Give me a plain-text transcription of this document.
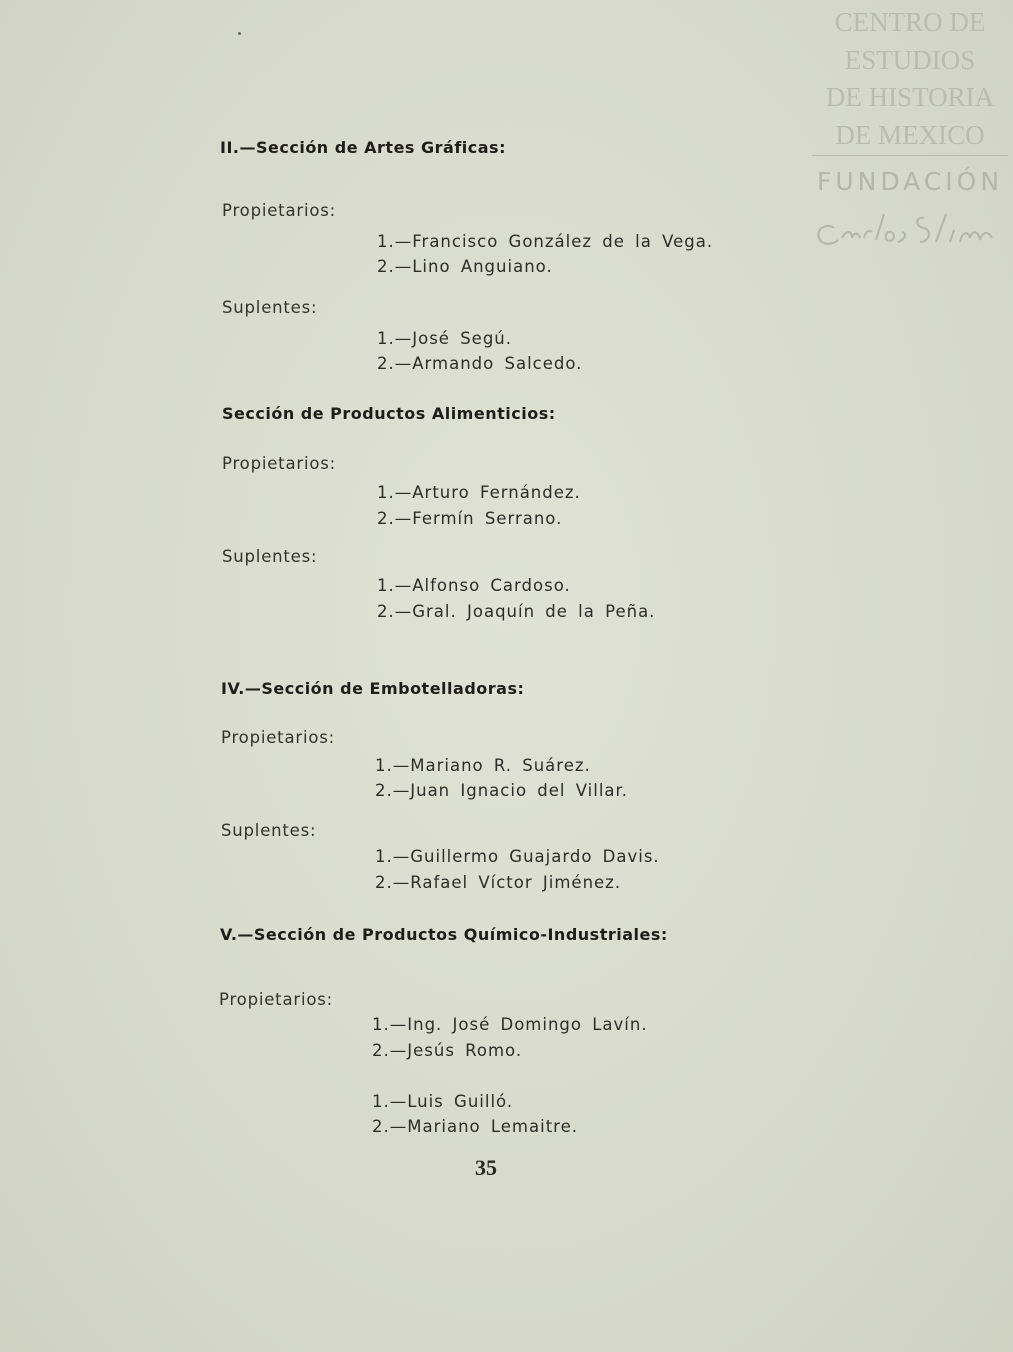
CENTRO DE
ESTUDIOS
DE HISTORIA
DE MEXICO
FUNDACIÓN
II.—Sección de Artes Gráficas:
Propietarios:
1.—Francisco González de la Vega.
2.—Lino Anguiano.
Suplentes:
1.—José Segú.
2.—Armando Salcedo.
Sección de Productos Alimenticios:
Propietarios:
1.—Arturo Fernández.
2.—Fermín Serrano.
Suplentes:
1.—Alfonso Cardoso.
2.—Gral. Joaquín de la Peña.
IV.—Sección de Embotelladoras:
Propietarios:
1.—Mariano R. Suárez.
2.—Juan Ignacio del Villar.
Suplentes:
1.—Guillermo Guajardo Davis.
2.—Rafael Víctor Jiménez.
V.—Sección de Productos Químico-Industriales:
Propietarios:
1.—Ing. José Domingo Lavín.
2.—Jesús Romo.
1.—Luis Guilló.
2.—Mariano Lemaitre.
35
